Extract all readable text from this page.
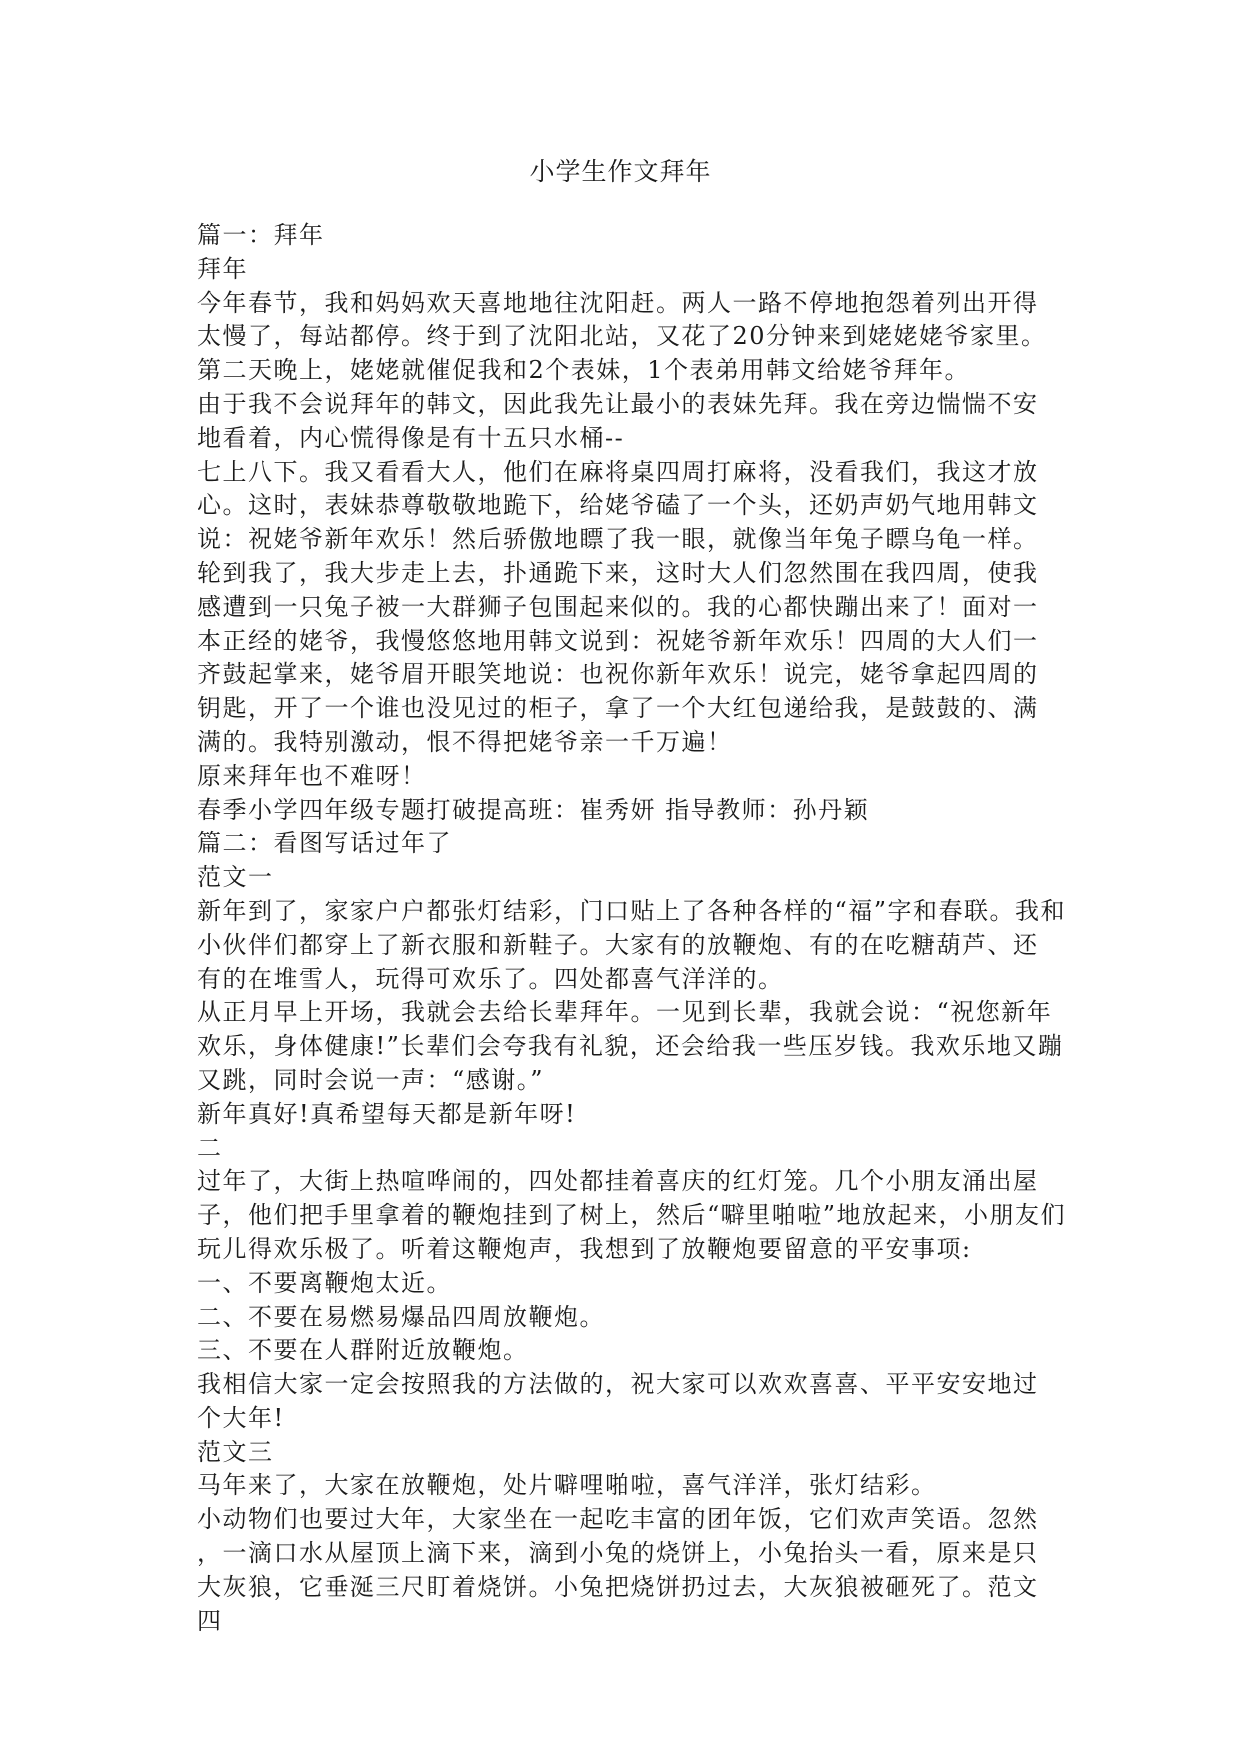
小学生作文拜年

篇一：拜年

拜年

今年春节，我和妈妈欢天喜地地往沈阳赶。两人一路不停地抱怨着列出开得

太慢了，每站都停。终于到了沈阳北站，又花了20分钟来到姥姥姥爷家里。

第二天晚上，姥姥就催促我和2个表妹，1个表弟用韩文给姥爷拜年。

由于我不会说拜年的韩文，因此我先让最小的表妹先拜。我在旁边惴惴不安

地看着，内心慌得像是有十五只水桶--

七上八下。我又看看大人，他们在麻将桌四周打麻将，没看我们，我这才放

心。这时，表妹恭尊敬敬地跪下，给姥爷磕了一个头，还奶声奶气地用韩文

说：祝姥爷新年欢乐！然后骄傲地瞟了我一眼，就像当年兔子瞟乌龟一样。

轮到我了，我大步走上去，扑通跪下来，这时大人们忽然围在我四周，使我

感遭到一只兔子被一大群狮子包围起来似的。我的心都快蹦出来了！面对一

本正经的姥爷，我慢悠悠地用韩文说到：祝姥爷新年欢乐！四周的大人们一

齐鼓起掌来，姥爷眉开眼笑地说：也祝你新年欢乐！说完，姥爷拿起四周的

钥匙，开了一个谁也没见过的柜子，拿了一个大红包递给我，是鼓鼓的、满

满的。我特别激动，恨不得把姥爷亲一千万遍！

原来拜年也不难呀！

春季小学四年级专题打破提高班：崔秀妍 指导教师：孙丹颖

篇二：看图写话过年了

范文一

新年到了，家家户户都张灯结彩，门口贴上了各种各样的“福”字和春联。我和

小伙伴们都穿上了新衣服和新鞋子。大家有的放鞭炮、有的在吃糖葫芦、还

有的在堆雪人，玩得可欢乐了。四处都喜气洋洋的。

从正月早上开场，我就会去给长辈拜年。一见到长辈，我就会说：“祝您新年

欢乐，身体健康!”长辈们会夸我有礼貌，还会给我一些压岁钱。我欢乐地又蹦

又跳，同时会说一声：“感谢。”

新年真好!真希望每天都是新年呀!

二

过年了，大街上热喧哗闹的，四处都挂着喜庆的红灯笼。几个小朋友涌出屋

子，他们把手里拿着的鞭炮挂到了树上，然后“噼里啪啦”地放起来，小朋友们

玩儿得欢乐极了。听着这鞭炮声，我想到了放鞭炮要留意的平安事项:

一、不要离鞭炮太近。

二、不要在易燃易爆品四周放鞭炮。

三、不要在人群附近放鞭炮。

我相信大家一定会按照我的方法做的，祝大家可以欢欢喜喜、平平安安地过

个大年!

范文三

马年来了，大家在放鞭炮，处片噼哩啪啦，喜气洋洋，张灯结彩。

小动物们也要过大年，大家坐在一起吃丰富的团年饭，它们欢声笑语。忽然

，一滴口水从屋顶上滴下来，滴到小兔的烧饼上，小兔抬头一看，原来是只

大灰狼，它垂涎三尺盯着烧饼。小兔把烧饼扔过去，大灰狼被砸死了。范文

四
